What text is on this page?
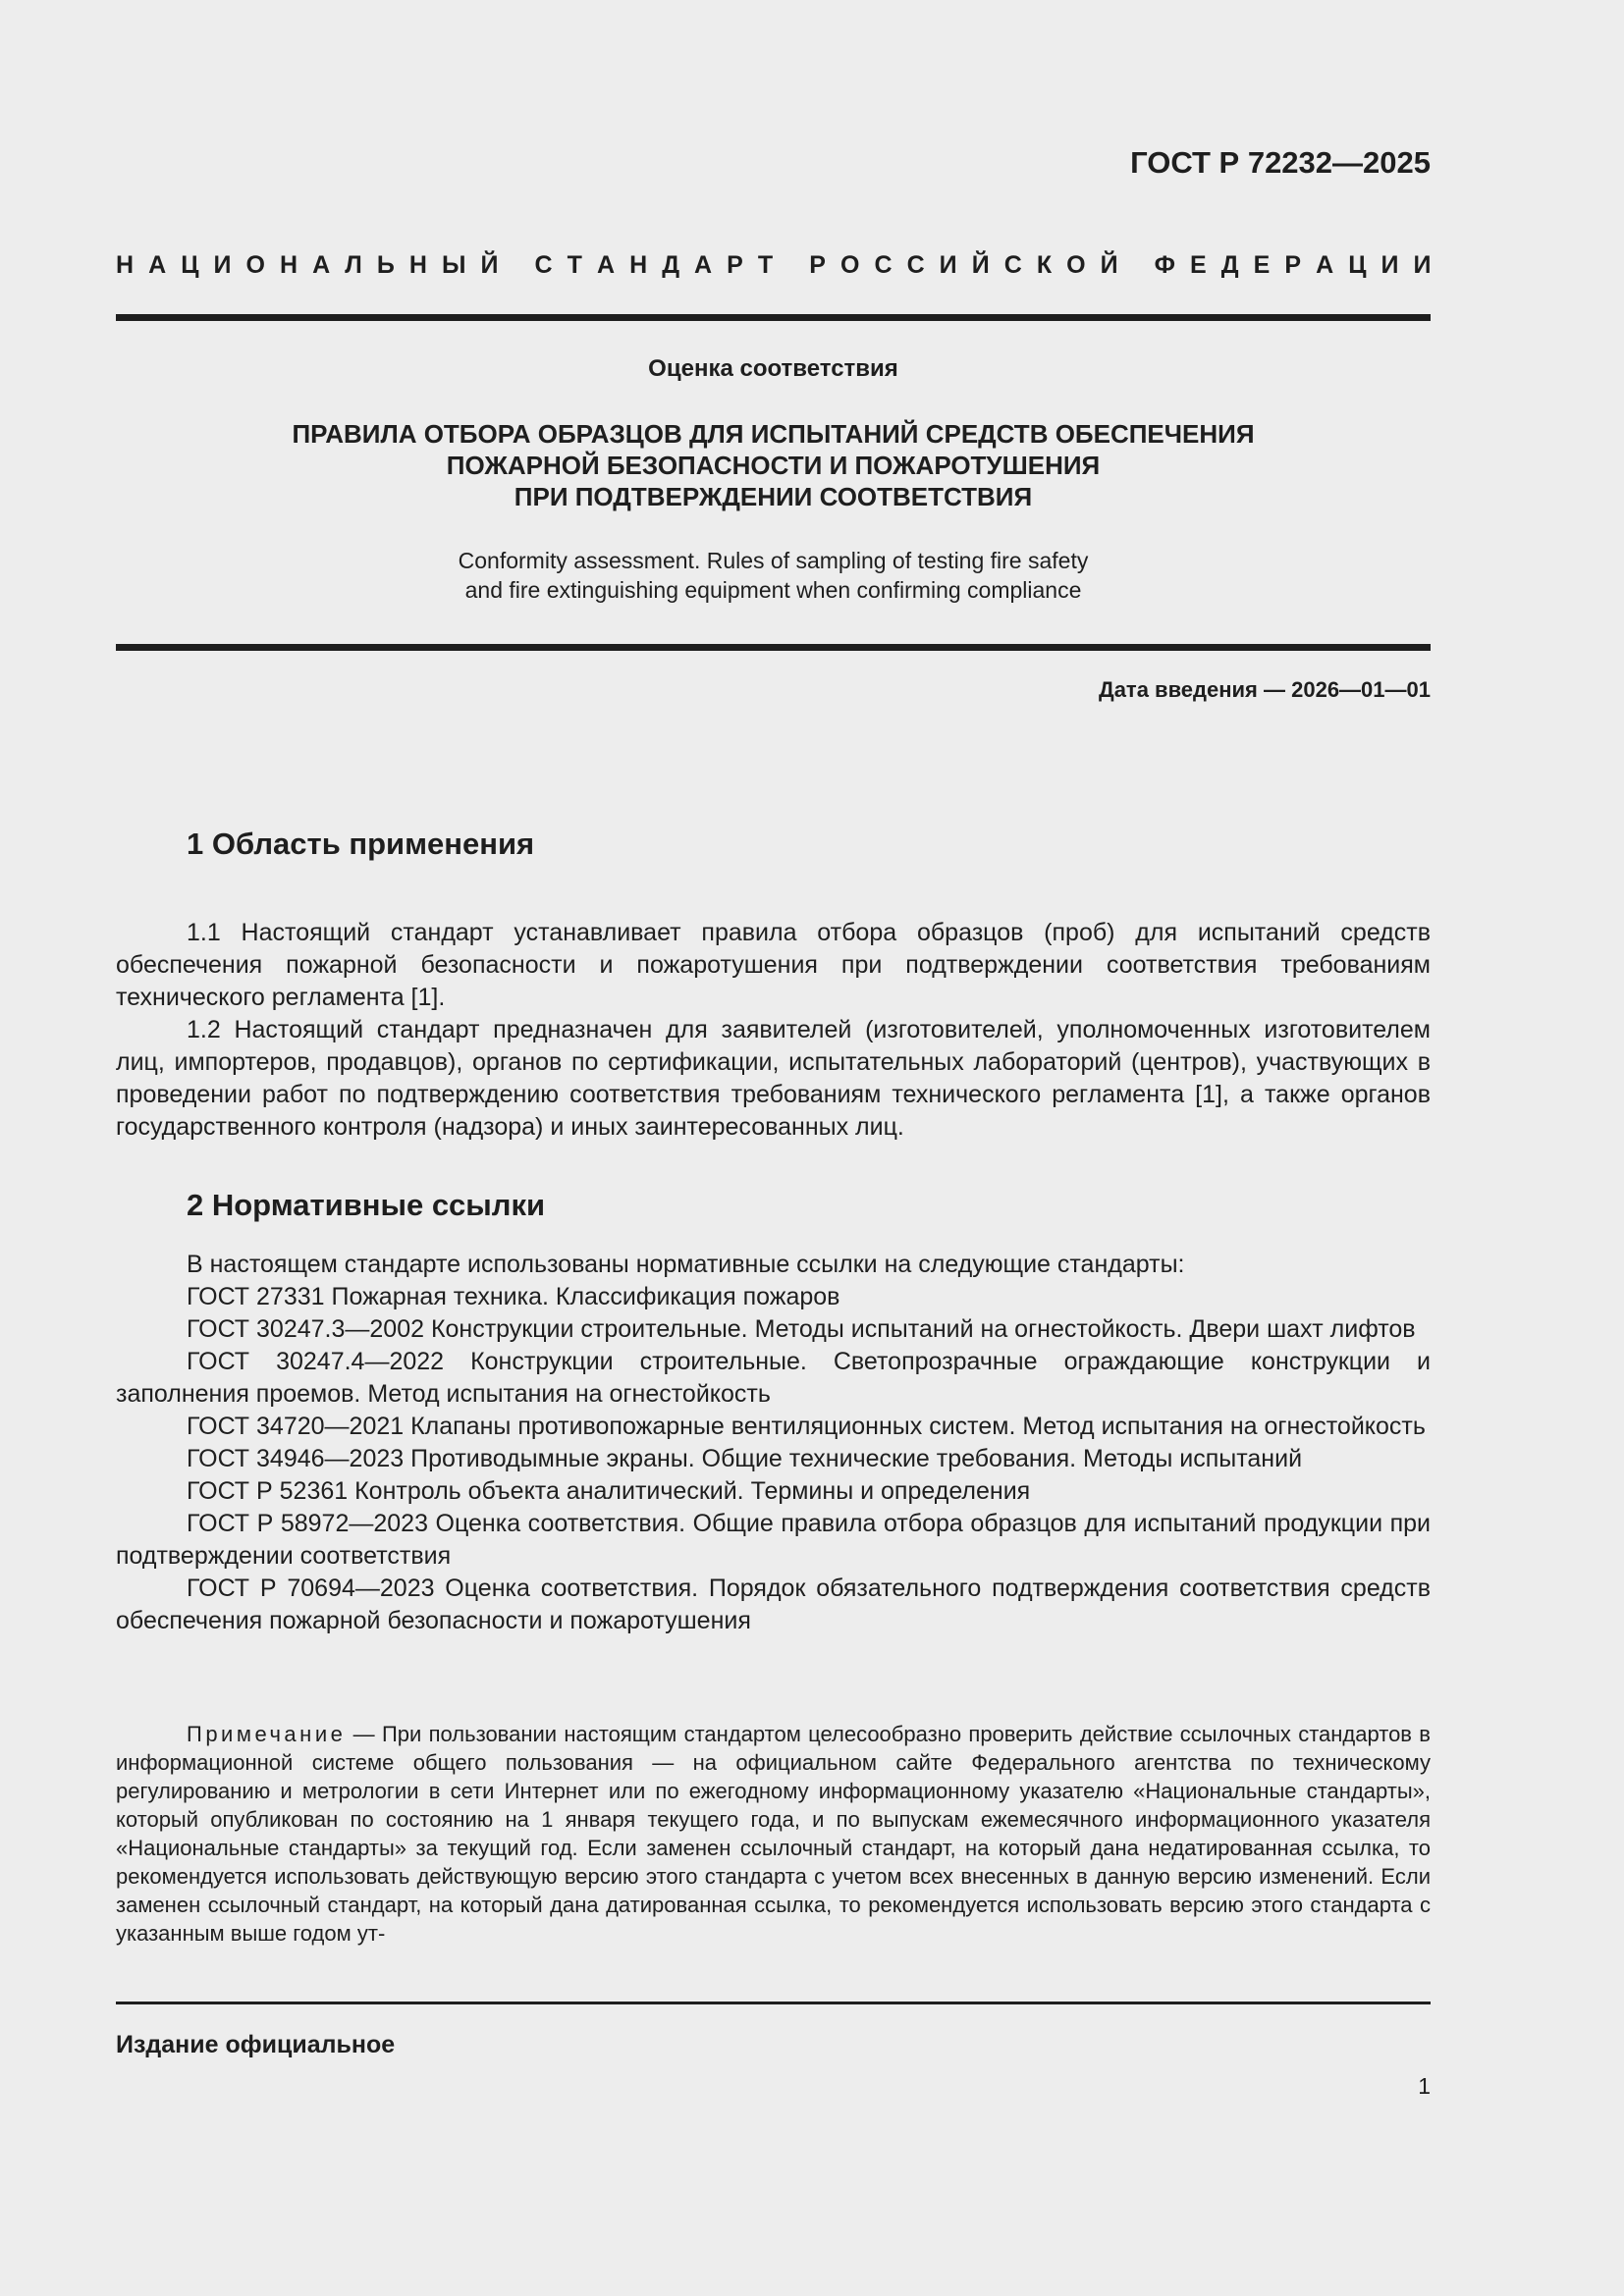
ГОСТ Р 72232—2025
Н А Ц И О Н А Л Ь Н Ы Й
С Т А Н Д А Р Т
Р О С С И Й С К О Й
Ф Е Д Е Р А Ц И И
Оценка соответствия
ПРАВИЛА ОТБОРА ОБРАЗЦОВ ДЛЯ ИСПЫТАНИЙ СРЕДСТВ ОБЕСПЕЧЕНИЯ
ПОЖАРНОЙ БЕЗОПАСНОСТИ И ПОЖАРОТУШЕНИЯ
ПРИ ПОДТВЕРЖДЕНИИ СООТВЕТСТВИЯ
Conformity assessment. Rules of sampling of testing fire safety
and fire extinguishing equipment when confirming compliance
Дата введения — 2026—01—01
1 Область применения

1.1 Настоящий стандарт устанавливает правила отбора образцов (проб) для испытаний средств обеспечения пожарной безопасности и пожаротушения при подтверждении соответствия требованиям технического регламента [1].

1.2 Настоящий стандарт предназначен для заявителей (изготовителей, уполномоченных изготовителем лиц, импортеров, продавцов), органов по сертификации, испытательных лабораторий (центров), участвующих в проведении работ по подтверждению соответствия требованиям технического регламента [1], а также органов государственного контроля (надзора) и иных заинтересованных лиц.

2 Нормативные ссылки

В настоящем стандарте использованы нормативные ссылки на следующие стандарты:

ГОСТ 27331 Пожарная техника. Классификация пожаров

ГОСТ 30247.3—2002 Конструкции строительные. Методы испытаний на огнестойкость. Двери шахт лифтов

ГОСТ 30247.4—2022 Конструкции строительные. Светопрозрачные ограждающие конструкции и заполнения проемов. Метод испытания на огнестойкость

ГОСТ 34720—2021 Клапаны противопожарные вентиляционных систем. Метод испытания на огнестойкость

ГОСТ 34946—2023 Противодымные экраны. Общие технические требования. Методы испытаний

ГОСТ Р 52361 Контроль объекта аналитический. Термины и определения

ГОСТ Р 58972—2023 Оценка соответствия. Общие правила отбора образцов для испытаний продукции при подтверждении соответствия

ГОСТ Р 70694—2023 Оценка соответствия. Порядок обязательного подтверждения соответствия средств обеспечения пожарной безопасности и пожаротушения

Примечание — При пользовании настоящим стандартом целесообразно проверить действие ссылочных стандартов в информационной системе общего пользования — на официальном сайте Федерального агентства по техническому регулированию и метрологии в сети Интернет или по ежегодному информационному указателю «Национальные стандарты», который опубликован по состоянию на 1 января текущего года, и по выпускам ежемесячного информационного указателя «Национальные стандарты» за текущий год. Если заменен ссылочный стандарт, на который дана недатированная ссылка, то рекомендуется использовать действующую версию этого стандарта с учетом всех внесенных в данную версию изменений. Если заменен ссылочный стандарт, на который дана датированная ссылка, то рекомендуется использовать версию этого стандарта с указанным выше годом ут-
Издание официальное
1
